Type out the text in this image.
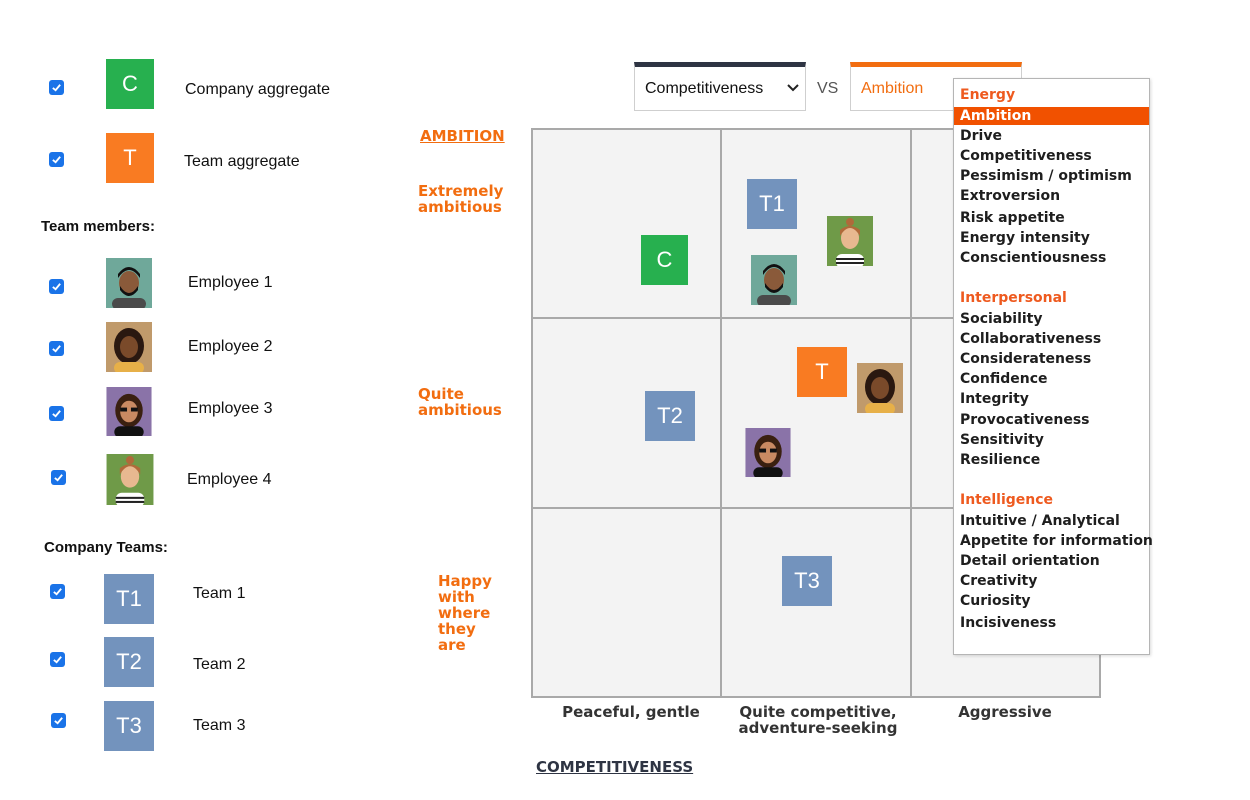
C	Company aggregate
T	Team aggregate
Team members:
Employee 1
Employee 2
Employee 3
Employee 4
Company Teams:
T1	Team 1
T2	Team 2
T3	Team 3
Competitiveness	VS Ambition
AMBITION
Extremely ambitious
Quite ambitious
Happy with where they are
C
T1
T
T2
T3
Peaceful, gentle	Quite competitive, adventure-seeking
Aggressive
COMPETITIVENESS
Energy
Ambition
Drive
Competitiveness
Pessimism / optimism
Extroversion
Risk appetite
Energy intensity
Conscientiousness
Interpersonal
Sociability
Collaborativeness
Considerateness
Confidence
Integrity
Provocativeness
Sensitivity
Resilience
Intelligence
Intuitive / Analytical
Appetite for information
Detail orientation
Creativity
Curiosity
Incisiveness
